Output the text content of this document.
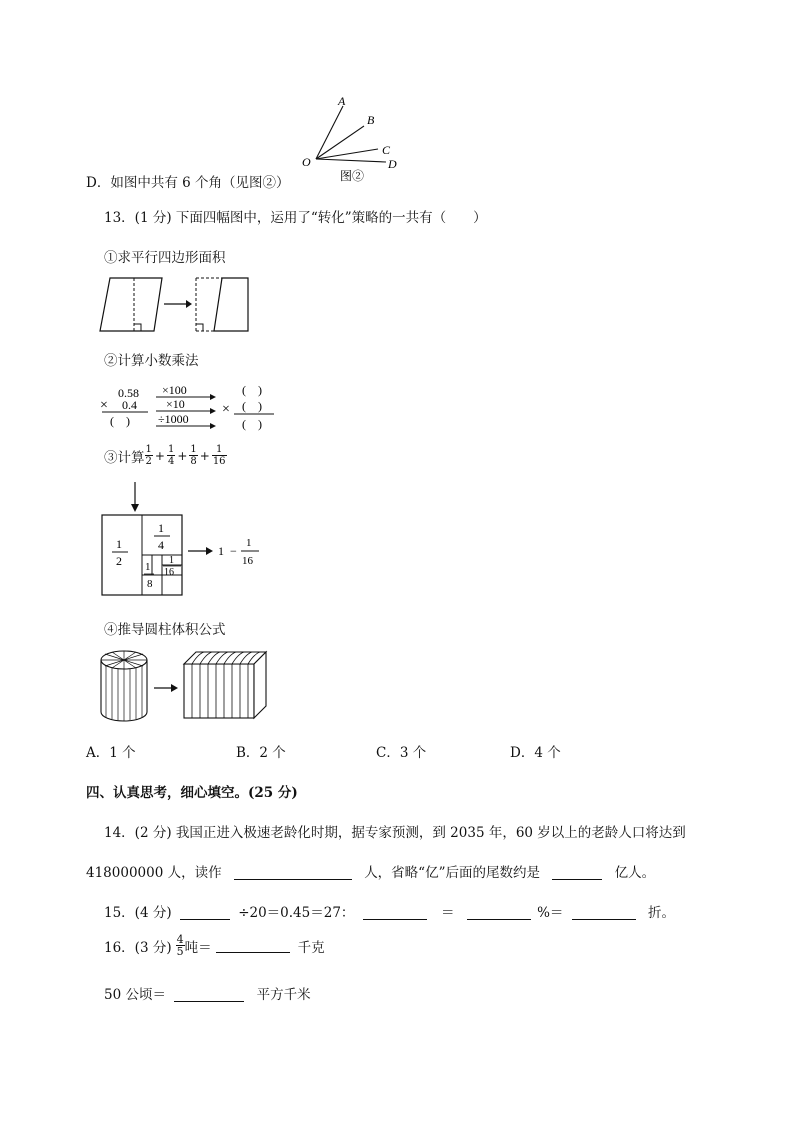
D．如图中共有 6 个角（见图②）
A
B
C
D
O
图②
13．(1 分) 下面四幅图中，运用了“转化”策略的一共有（　　）
①求平行四边形面积
②计算小数乘法
0.58
× 0.4
(　)
×100
×10
÷1000
(　)
× (　)
(　)
③计算 $\frac{1}{2} + \frac{1}{4} + \frac{1}{8} + \frac{1}{16}$
1
2
1
4
1
8
1
16
1 −
1
16
④推导圆柱体积公式
A．1 个	B．2 个	C．3 个	D．4 个
四、认真思考，细心填空。(25 分)
14．(2 分) 我国正进入极速老龄化时期，据专家预测，到 2035 年，60 岁以上的老龄人口将达到
418000000 人，读作	人，省略“亿”后面的尾数约是	亿人。
15．(4 分)	÷20＝0.45＝27：	＝	%＝	折。
16．(3 分) $\frac{4}{5}$ 吨＝	千克
50 公顷＝	平方千米
